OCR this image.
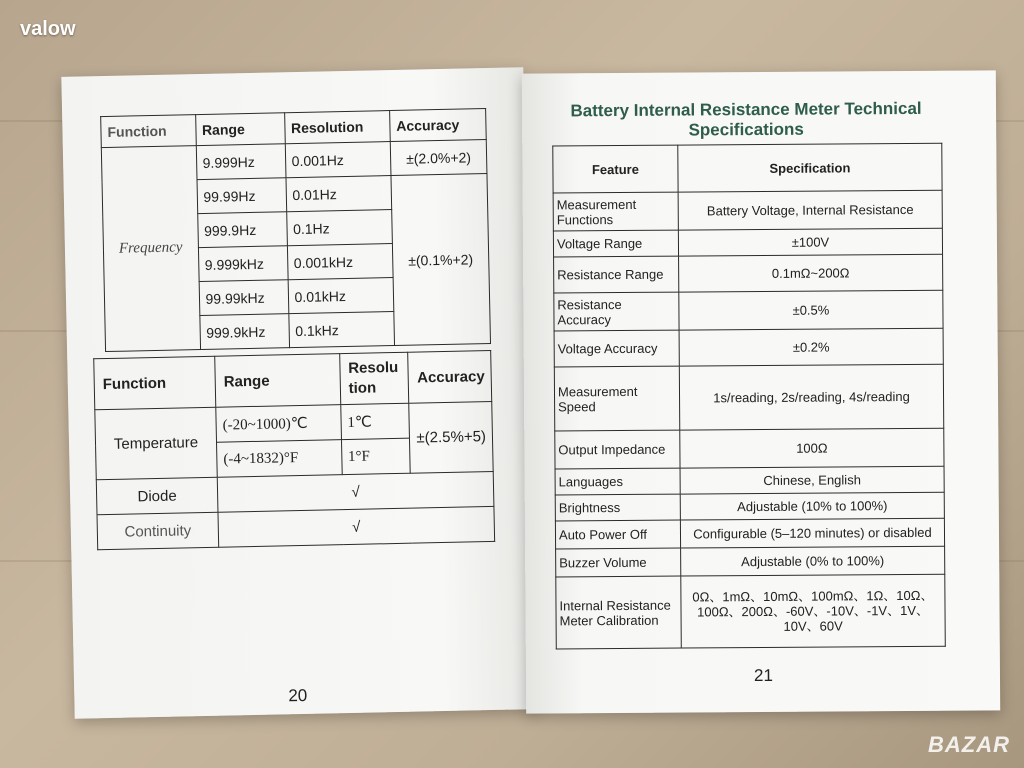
valow
BAZAR
Function	Range	Resolution	Accuracy
Frequency	9.999Hz	0.001Hz	±(2.0%+2)
	99.99Hz	0.01Hz	±(0.1%+2)
	999.9Hz	0.1Hz	
	9.999kHz	0.001kHz	
	99.99kHz	0.01kHz	
	999.9kHz	0.1kHz	
Function	Range	Resolu tion	Accuracy
Temperature	(-20~1000)℃	1℃	±(2.5%+5)
	(-4~1832)°F	1°F	
Diode	√		
Continuity	√		
20
Battery Internal Resistance Meter Technical Specifications
Feature	Specification
Measurement Functions	Battery Voltage, Internal Resistance
Voltage Range	±100V
Resistance Range	0.1mΩ~200Ω
Resistance Accuracy	±0.5%
Voltage Accuracy	±0.2%
Measurement Speed	1s/reading, 2s/reading, 4s/reading
Output Impedance	100Ω
Languages	Chinese, English
Brightness	Adjustable (10% to 100%)
Auto Power Off	Configurable (5–120 minutes) or disabled
Buzzer Volume	Adjustable (0% to 100%)
Internal Resistance Meter Calibration	0Ω、1mΩ、10mΩ、100mΩ、1Ω、10Ω、100Ω、200Ω、-60V、-10V、-1V、1V、10V、60V
21
